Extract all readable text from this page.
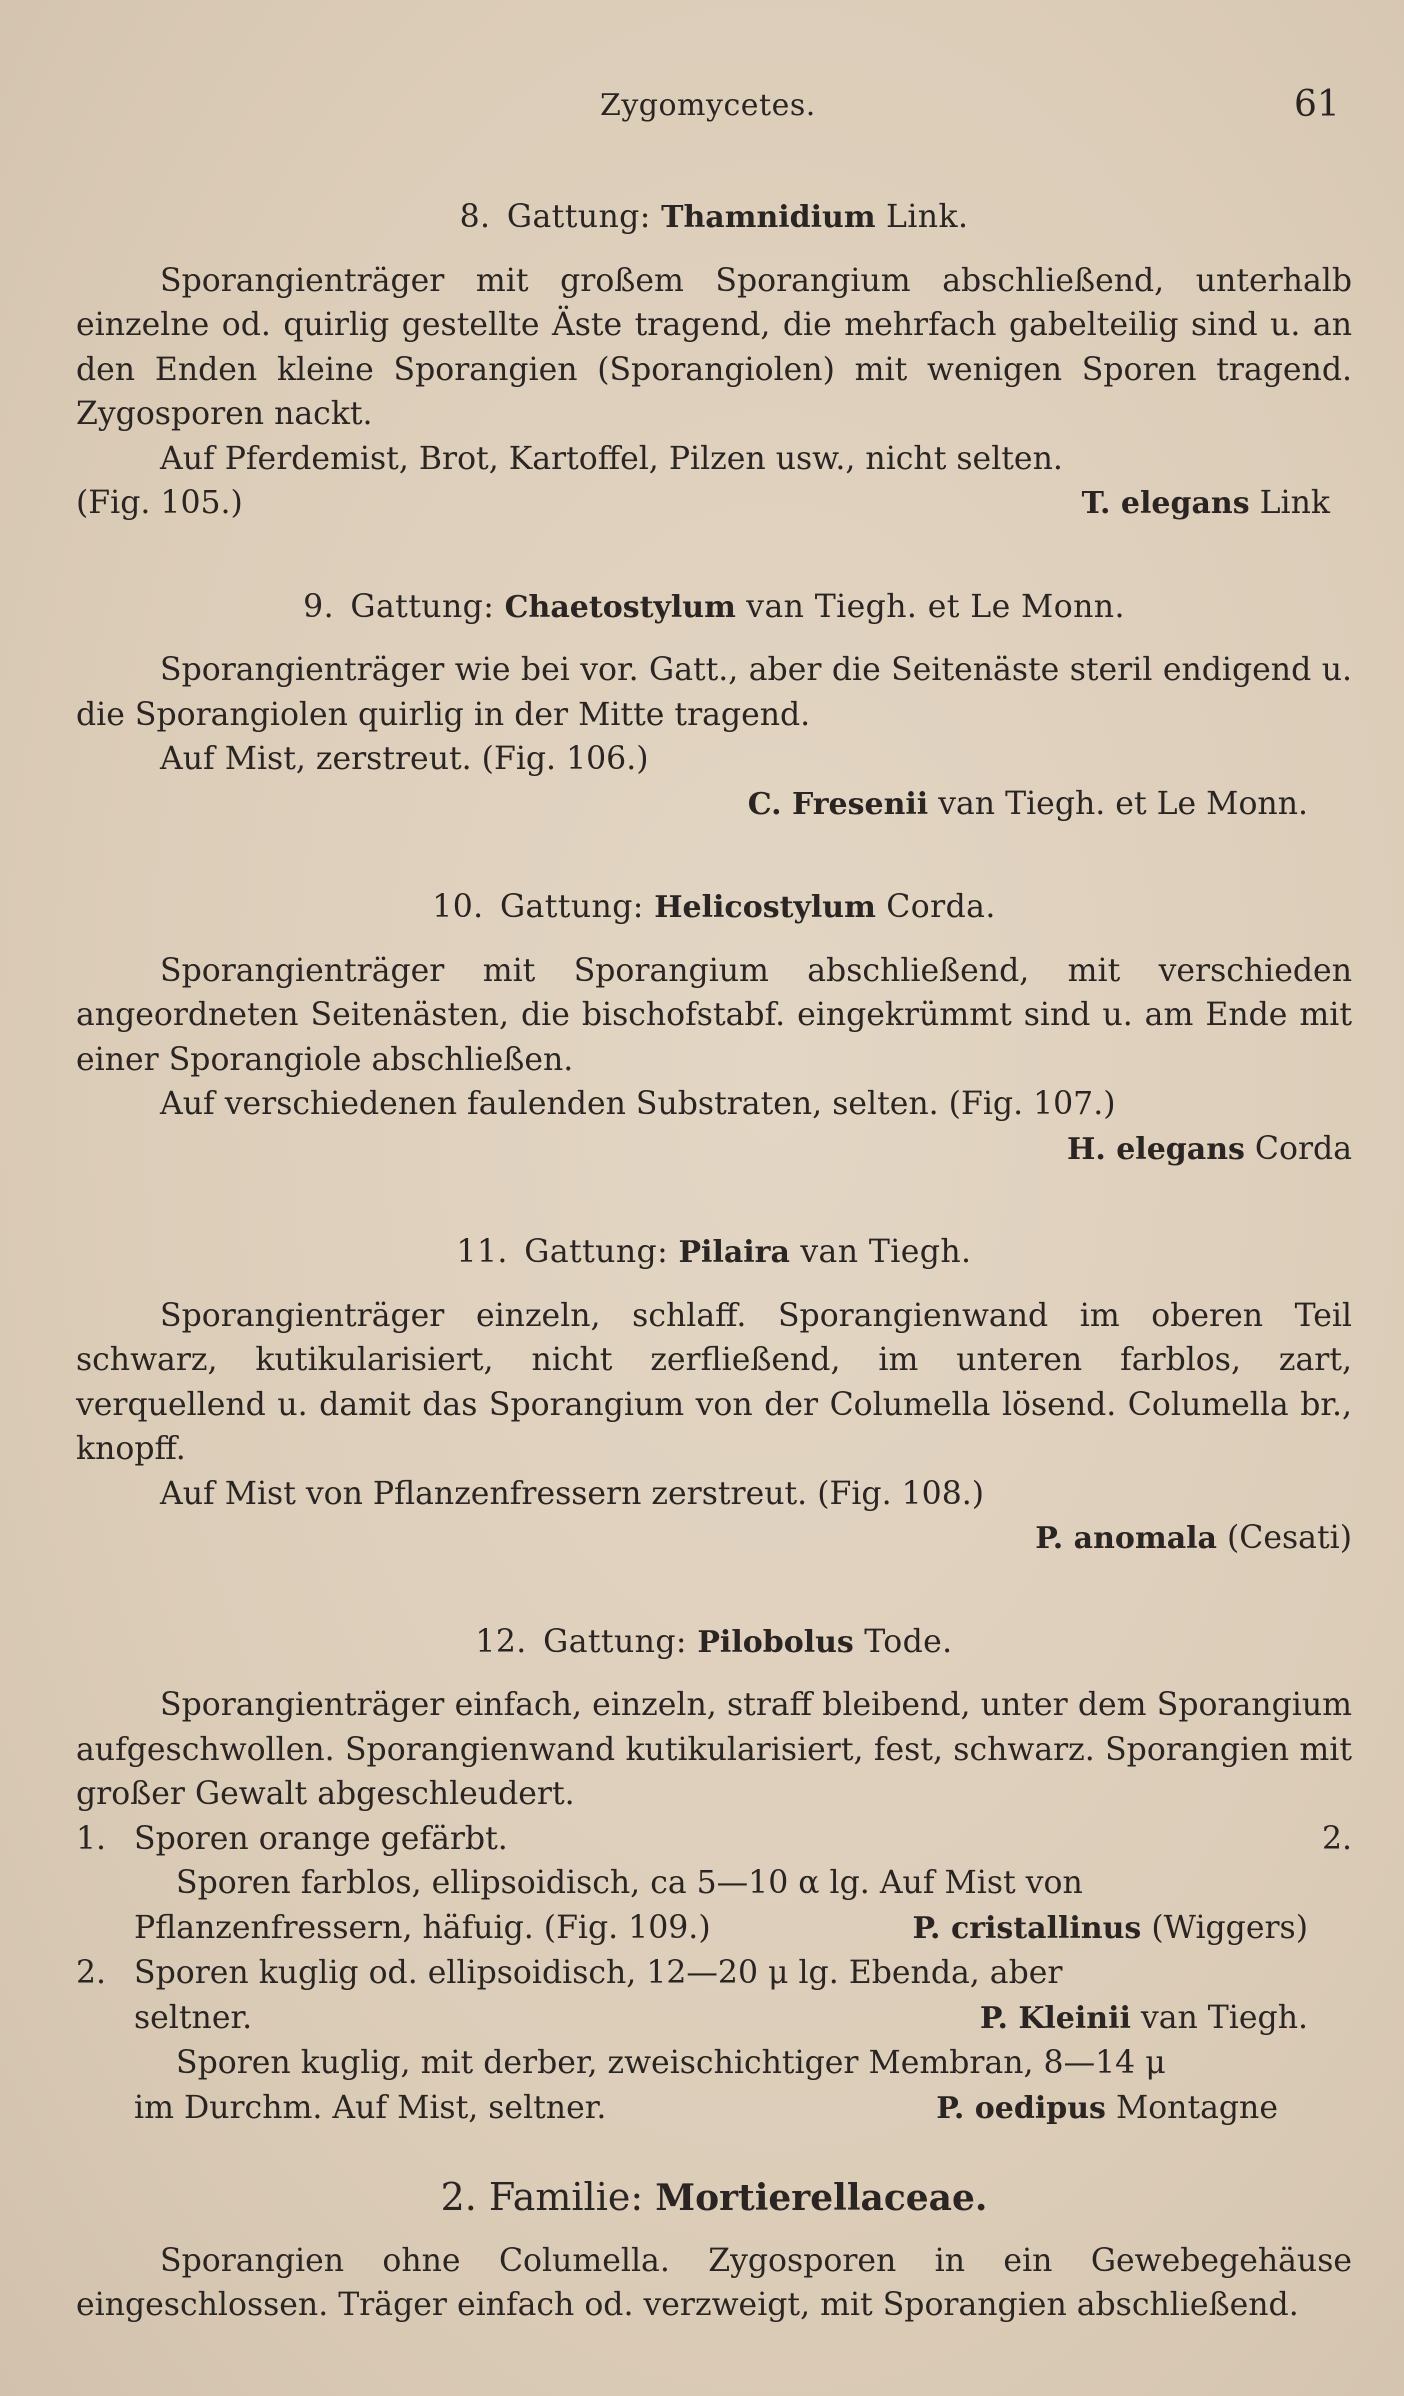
Zygomycetes.	61
8. Gattung: Thamnidium Link.

Sporangienträger mit großem Sporangium abschließend, unterhalb einzelne od. quirlig gestellte Äste tragend, die mehrfach gabelteilig sind u. an den Enden kleine Sporangien (Sporangiolen) mit wenigen Sporen tragend. Zygosporen nackt.

Auf Pferdemist, Brot, Kartoffel, Pilzen usw., nicht selten.

(Fig. 105.)	T. elegans Link
9. Gattung: Chaetostylum van Tiegh. et Le Monn.

Sporangienträger wie bei vor. Gatt., aber die Seitenäste steril endigend u. die Sporangiolen quirlig in der Mitte tragend.

Auf Mist, zerstreut. (Fig. 106.)

C. Fresenii van Tiegh. et Le Monn.
10. Gattung: Helicostylum Corda.

Sporangienträger mit Sporangium abschließend, mit verschieden angeordneten Seitenästen, die bischofstabf. eingekrümmt sind u. am Ende mit einer Sporangiole abschließen.

Auf verschiedenen faulenden Substraten, selten. (Fig. 107.)

H. elegans Corda
11. Gattung: Pilaira van Tiegh.

Sporangienträger einzeln, schlaff. Sporangienwand im oberen Teil schwarz, kutikularisiert, nicht zerfließend, im unteren farblos, zart, verquellend u. damit das Sporangium von der Columella lösend. Columella br., knopff.

Auf Mist von Pflanzenfressern zerstreut. (Fig. 108.)

P. anomala (Cesati)
12. Gattung: Pilobolus Tode.

Sporangienträger einfach, einzeln, straff bleibend, unter dem Sporangium aufgeschwollen. Sporangienwand kutikularisiert, fest, schwarz. Sporangien mit großer Gewalt abgeschleudert.

1. Sporen orange gefärbt.	2.
Sporen farblos, ellipsoidisch, ca 5—10 α lg. Auf Mist von
Pflanzenfressern, häfuig. (Fig. 109.)	P. cristallinus (Wiggers)
2. Sporen kuglig od. ellipsoidisch, 12—20 μ lg. Ebenda, aber
seltner.	P. Kleinii van Tiegh.
Sporen kuglig, mit derber, zweischichtiger Membran, 8—14 μ
im Durchm. Auf Mist, seltner.	P. oedipus Montagne
2. Familie: Mortierellaceae.

Sporangien ohne Columella. Zygosporen in ein Gewebegehäuse eingeschlossen. Träger einfach od. verzweigt, mit Sporangien abschließend.
